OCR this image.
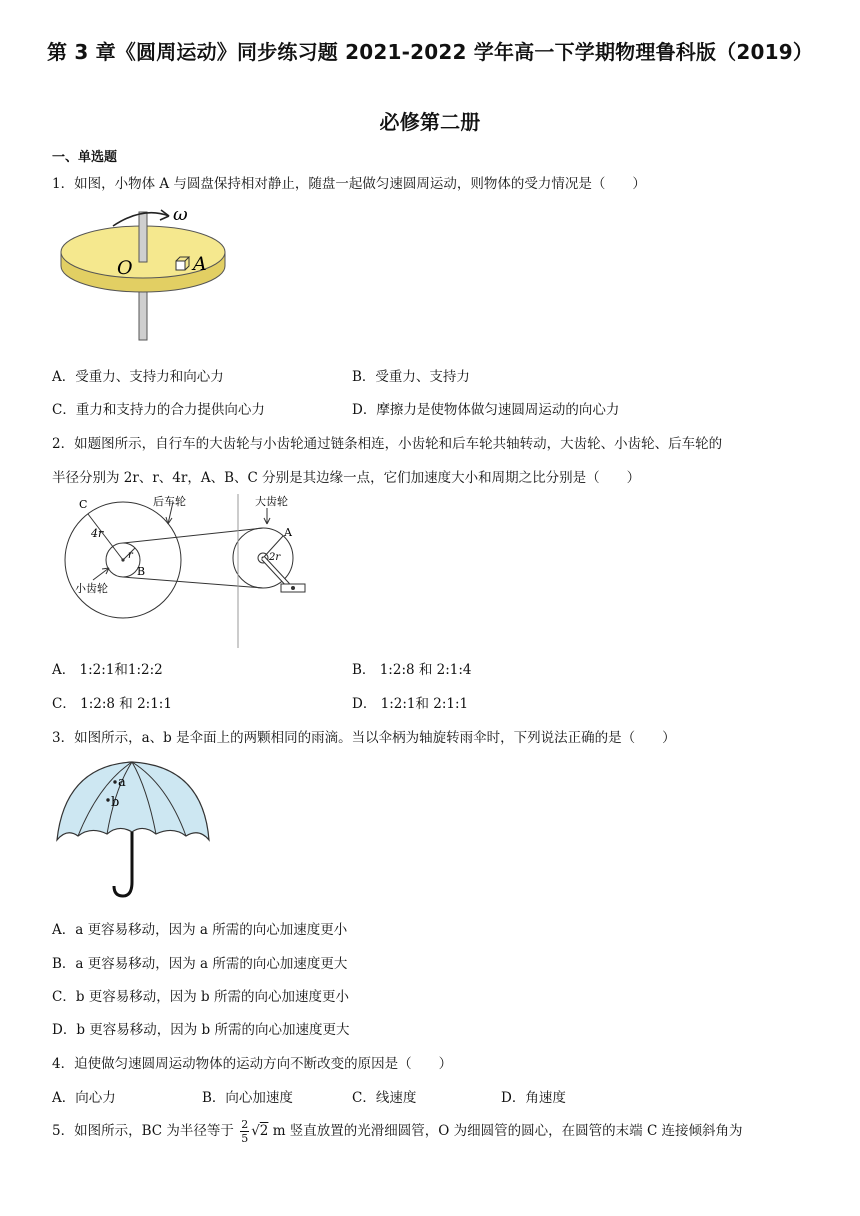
第 3 章《圆周运动》同步练习题 2021-2022 学年高一下学期物理鲁科版（2019）
必修第二册
一、单选题
1．如图，小物体 A 与圆盘保持相对静止，随盘一起做匀速圆周运动，则物体的受力情况是（　　）
ω
O	A
A．受重力、支持力和向心力	B．受重力、支持力
C．重力和支持力的合力提供向心力	D．摩擦力是使物体做匀速圆周运动的向心力
2．如题图所示，自行车的大齿轮与小齿轮通过链条相连，小齿轮和后车轮共轴转动，大齿轮、小齿轮、后车轮的
半径分别为 2r、r、4r，A、B、C 分别是其边缘一点，它们加速度大小和周期之比分别是（　　）
C	后车轮
4r
r
B
小齿轮
大齿轮
A
2r
A． 1:2:1和1:2:2	B． 1:2:8 和 2:1:4
C． 1:2:8 和 2:1:1	D． 1:2:1和 2:1:1
3．如图所示，a、b 是伞面上的两颗相同的雨滴。当以伞柄为轴旋转雨伞时，下列说法正确的是（　　）
a
b
A．a 更容易移动，因为 a 所需的向心加速度更小
B．a 更容易移动，因为 a 所需的向心加速度更大
C．b 更容易移动，因为 b 所需的向心加速度更小
D．b 更容易移动，因为 b 所需的向心加速度更大
4．迫使做匀速圆周运动物体的运动方向不断改变的原因是（　　）
A．向心力	B．向心加速度	C．线速度	D．角速度
5．如图所示，BC 为半径等于 $\frac{2}{5} √2$ m 竖直放置的光滑细圆管，O 为细圆管的圆心，在圆管的末端 C 连接倾斜角为
